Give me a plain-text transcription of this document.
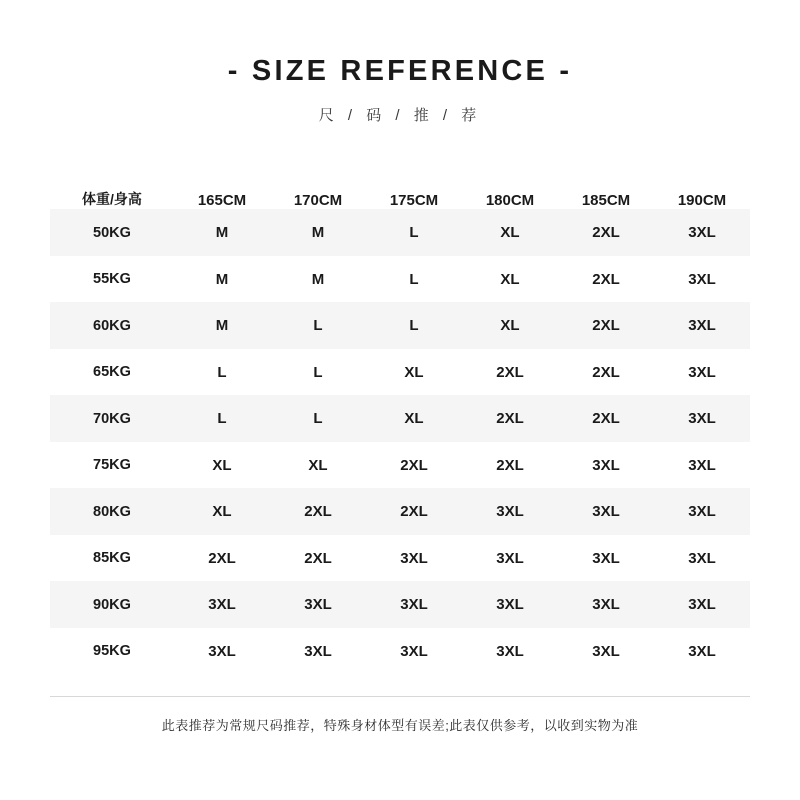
- SIZE REFERENCE -
尺 / 码 / 推 / 荐
体重/身高	165CM	170CM	175CM	180CM	185CM	190CM
50KG	M	M	L	XL	2XL	3XL
55KG	M	M	L	XL	2XL	3XL
60KG	M	L	L	XL	2XL	3XL
65KG	L	L	XL	2XL	2XL	3XL
70KG	L	L	XL	2XL	2XL	3XL
75KG	XL	XL	2XL	2XL	3XL	3XL
80KG	XL	2XL	2XL	3XL	3XL	3XL
85KG	2XL	2XL	3XL	3XL	3XL	3XL
90KG	3XL	3XL	3XL	3XL	3XL	3XL
95KG	3XL	3XL	3XL	3XL	3XL	3XL
此表推荐为常规尺码推荐，特殊身材体型有误差;此表仅供参考，以收到实物为准
